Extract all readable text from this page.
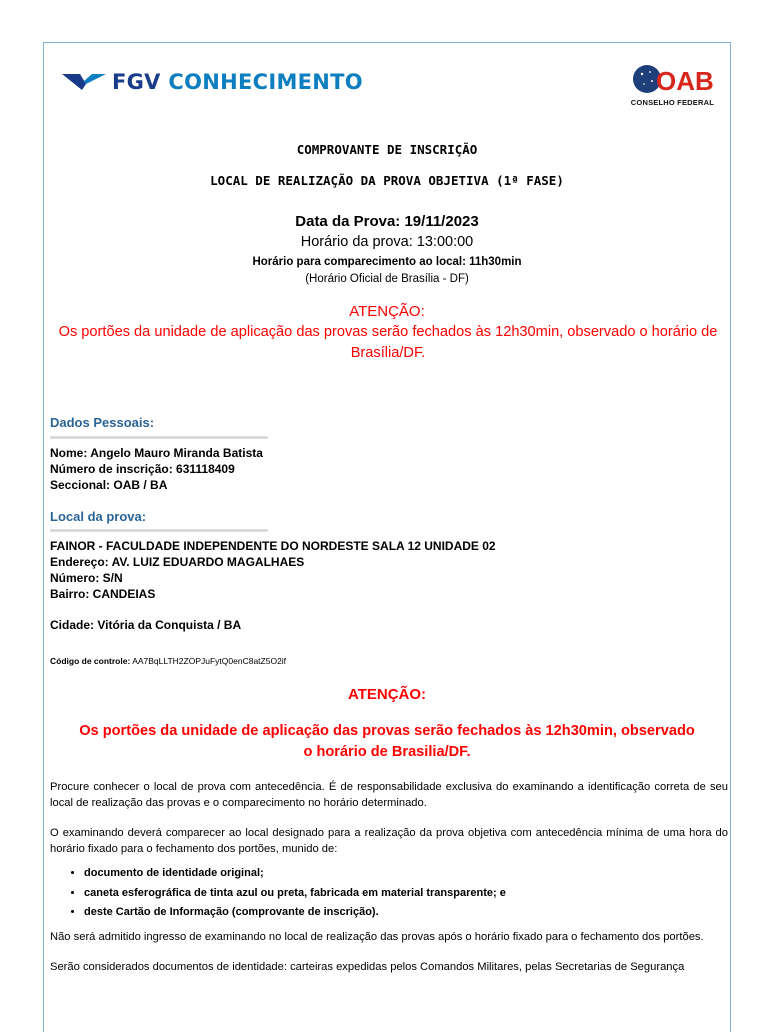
FGV CONHECIMENTO	OAB
CONSELHO FEDERAL
COMPROVANTE DE INSCRIÇÃO
LOCAL DE REALIZAÇÃO DA PROVA OBJETIVA (1ª FASE)
Data da Prova: 19/11/2023
Horário da prova: 13:00:00
Horário para comparecimento ao local: 11h30min
(Horário Oficial de Brasília - DF)
ATENÇÃO:
Os portões da unidade de aplicação das provas serão fechados às 12h30min, observado o horário de Brasília/DF.
Dados Pessoais:
Nome: Angelo Mauro Miranda Batista
Número de inscrição: 631118409
Seccional: OAB / BA
Local da prova:
FAINOR - FACULDADE INDEPENDENTE DO NORDESTE SALA 12 UNIDADE 02
Endereço: AV. LUIZ EDUARDO MAGALHAES
Número: S/N
Bairro: CANDEIAS
Cidade: Vitória da Conquista / BA
Código de controle: AA7BqLLTH2ZOPJuFytQ0enC8atZ5O2if
ATENÇÃO:
Os portões da unidade de aplicação das provas serão fechados às 12h30min, observado
o horário de Brasilia/DF.
Procure conhecer o local de prova com antecedência. É de responsabilidade exclusiva do examinando a identificação correta de seu local de realização das provas e o comparecimento no horário determinado.
O examinando deverá comparecer ao local designado para a realização da prova objetiva com antecedência mínima de uma hora do horário fixado para o fechamento dos portões, munido de:
• documento de identidade original;
• caneta esferográfica de tinta azul ou preta, fabricada em material transparente; e
• deste Cartão de Informação (comprovante de inscrição).
Não será admitido ingresso de examinando no local de realização das provas após o horário fixado para o fechamento dos portões.
Serão considerados documentos de identidade: carteiras expedidas pelos Comandos Militares, pelas Secretarias de Segurança
